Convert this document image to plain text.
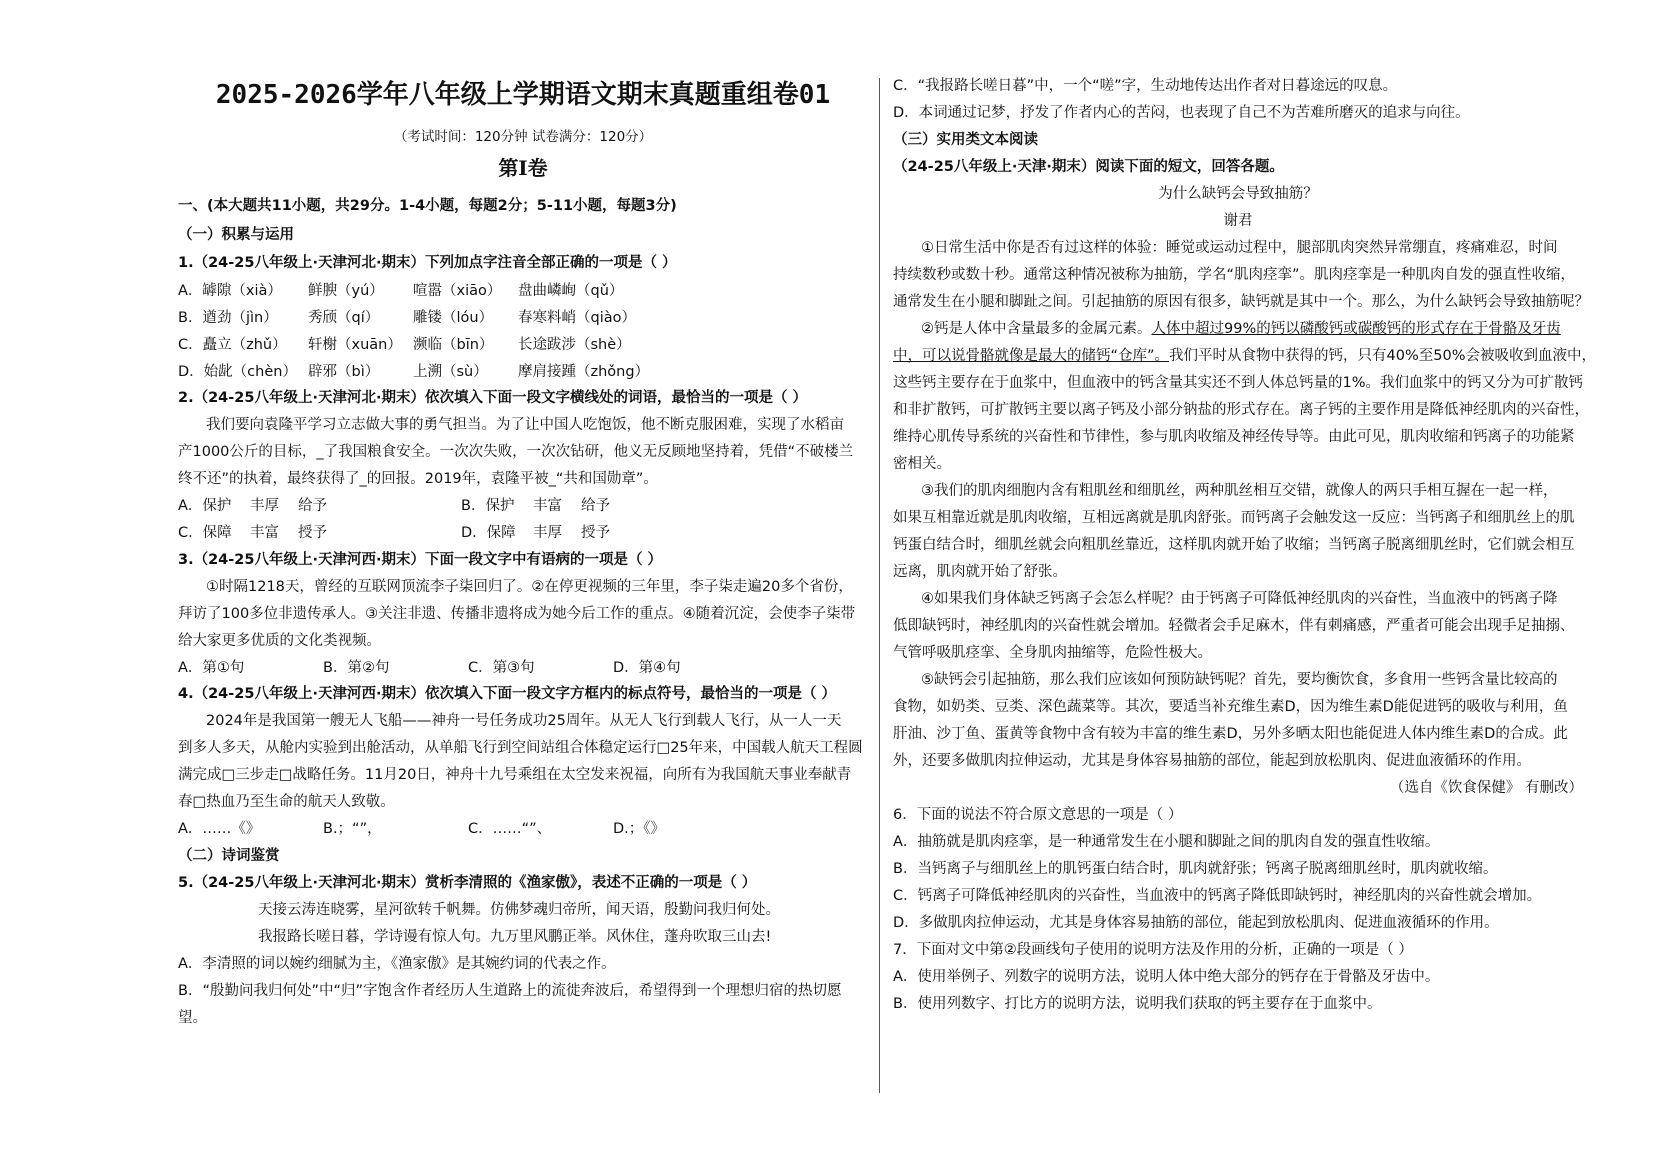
2025-2026学年八年级上学期语文期末真题重组卷01
（考试时间：120分钟 试卷满分：120分）
第Ⅰ卷
一、(本大题共11小题，共29分。1-4小题，每题2分；5-11小题，每题3分)
（一）积累与运用
1.（24-25八年级上·天津河北·期末）下列加点字注音全部正确的一项是（ ）
A．罅隙（xià） 鲜腴（yú） 喧嚣（xiāo） 盘曲嶙峋（qǔ）
B．遒劲（jìn） 秀颀（qí） 雕镂（lóu） 春寒料峭（qiào）
C．矗立（zhǔ） 轩榭（xuān） 濒临（bīn） 长途跋涉（shè）
D．始龀（chèn） 辟邪（bì） 上溯（sù） 摩肩接踵（zhǒng）
2.（24-25八年级上·天津河北·期末）依次填入下面一段文字横线处的词语，最恰当的一项是（ ）
我们要向袁隆平学习立志做大事的勇气担当。为了让中国人吃饱饭，他不断克服困难，实现了水稻亩
产1000公斤的目标，_了我国粮食安全。一次次失败，一次次钻研，他义无反顾地坚持着，凭借“不破楼兰
终不还”的执着，最终获得了_的回报。2019年，袁隆平被_“共和国勋章”。
A．保护 丰厚 给予	B．保护 丰富 给予
C．保障 丰富 授予	D．保障 丰厚 授予
3.（24-25八年级上·天津河西·期末）下面一段文字中有语病的一项是（ ）
①时隔1218天，曾经的互联网顶流李子柒回归了。②在停更视频的三年里，李子柒走遍20多个省份，
拜访了100多位非遗传承人。③关注非遗、传播非遗将成为她今后工作的重点。④随着沉淀，会使李子柒带
给大家更多优质的文化类视频。
A．第①句	B．第②句	C．第③句	D．第④句
4.（24-25八年级上·天津河西·期末）依次填入下面一段文字方框内的标点符号，最恰当的一项是（ ）
2024年是我国第一艘无人飞船——神舟一号任务成功25周年。从无人飞行到载人飞行，从一人一天
到多人多天，从舱内实验到出舱活动，从单船飞行到空间站组合体稳定运行□25年来，中国载人航天工程圆
满完成□三步走□战略任务。11月20日，神舟十九号乘组在太空发来祝福，向所有为我国航天事业奉献青
春□热血乃至生命的航天人致敬。
A．……《》	B.；“”，	C．……“”、	D.；《》
（二）诗词鉴赏
5.（24-25八年级上·天津河北·期末）赏析李清照的《渔家傲》，表述不正确的一项是（ ）
天接云涛连晓雾，星河欲转千帆舞。仿佛梦魂归帝所，闻天语，殷勤问我归何处。
我报路长嗟日暮，学诗谩有惊人句。九万里风鹏正举。风休住，蓬舟吹取三山去!
A．李清照的词以婉约细腻为主，《渔家傲》是其婉约词的代表之作。
B．“殷勤问我归何处”中“归”字饱含作者经历人生道路上的流徙奔波后，希望得到一个理想归宿的热切愿
望。
C．“我报路长嗟日暮”中，一个“嗟”字，生动地传达出作者对日暮途远的叹息。
D．本词通过记梦，抒发了作者内心的苦闷，也表现了自己不为苦难所磨灭的追求与向往。
（三）实用类文本阅读
（24-25八年级上·天津·期末）阅读下面的短文，回答各题。
为什么缺钙会导致抽筋？
谢君
①日常生活中你是否有过这样的体验：睡觉或运动过程中，腿部肌肉突然异常绷直，疼痛难忍，时间
持续数秒或数十秒。通常这种情况被称为抽筋，学名“肌肉痉挛”。肌肉痉挛是一种肌肉自发的强直性收缩，
通常发生在小腿和脚趾之间。引起抽筋的原因有很多，缺钙就是其中一个。那么，为什么缺钙会导致抽筋呢？
②钙是人体中含量最多的金属元素。人体中超过99%的钙以磷酸钙或碳酸钙的形式存在于骨骼及牙齿
中，可以说骨骼就像是最大的储钙“仓库”。我们平时从食物中获得的钙，只有40%至50%会被吸收到血液中，
这些钙主要存在于血浆中，但血液中的钙含量其实还不到人体总钙量的1%。我们血浆中的钙又分为可扩散钙
和非扩散钙，可扩散钙主要以离子钙及小部分钠盐的形式存在。离子钙的主要作用是降低神经肌肉的兴奋性，
维持心肌传导系统的兴奋性和节律性，参与肌肉收缩及神经传导等。由此可见，肌肉收缩和钙离子的功能紧
密相关。
③我们的肌肉细胞内含有粗肌丝和细肌丝，两种肌丝相互交错，就像人的两只手相互握在一起一样，
如果互相靠近就是肌肉收缩，互相远离就是肌肉舒张。而钙离子会触发这一反应：当钙离子和细肌丝上的肌
钙蛋白结合时，细肌丝就会向粗肌丝靠近，这样肌肉就开始了收缩；当钙离子脱离细肌丝时，它们就会相互
远离，肌肉就开始了舒张。
④如果我们身体缺乏钙离子会怎么样呢？由于钙离子可降低神经肌肉的兴奋性，当血液中的钙离子降
低即缺钙时，神经肌肉的兴奋性就会增加。轻微者会手足麻木，伴有刺痛感，严重者可能会出现手足抽搦、
气管呼吸肌痉挛、全身肌肉抽缩等，危险性极大。
⑤缺钙会引起抽筋，那么我们应该如何预防缺钙呢？首先，要均衡饮食，多食用一些钙含量比较高的
食物，如奶类、豆类、深色蔬菜等。其次，要适当补充维生素D，因为维生素D能促进钙的吸收与利用，鱼
肝油、沙丁鱼、蛋黄等食物中含有较为丰富的维生素D，另外多晒太阳也能促进人体内维生素D的合成。此
外，还要多做肌肉拉伸运动，尤其是身体容易抽筋的部位，能起到放松肌肉、促进血液循环的作用。
（选自《饮食保健》 有删改）
6．下面的说法不符合原文意思的一项是（ ）
A．抽筋就是肌肉痉挛，是一种通常发生在小腿和脚趾之间的肌肉自发的强直性收缩。
B．当钙离子与细肌丝上的肌钙蛋白结合时，肌肉就舒张；钙离子脱离细肌丝时，肌肉就收缩。
C．钙离子可降低神经肌肉的兴奋性，当血液中的钙离子降低即缺钙时，神经肌肉的兴奋性就会增加。
D．多做肌肉拉伸运动，尤其是身体容易抽筋的部位，能起到放松肌肉、促进血液循环的作用。
7．下面对文中第②段画线句子使用的说明方法及作用的分析，正确的一项是（ ）
A．使用举例子、列数字的说明方法，说明人体中绝大部分的钙存在于骨骼及牙齿中。
B．使用列数字、打比方的说明方法，说明我们获取的钙主要存在于血浆中。
